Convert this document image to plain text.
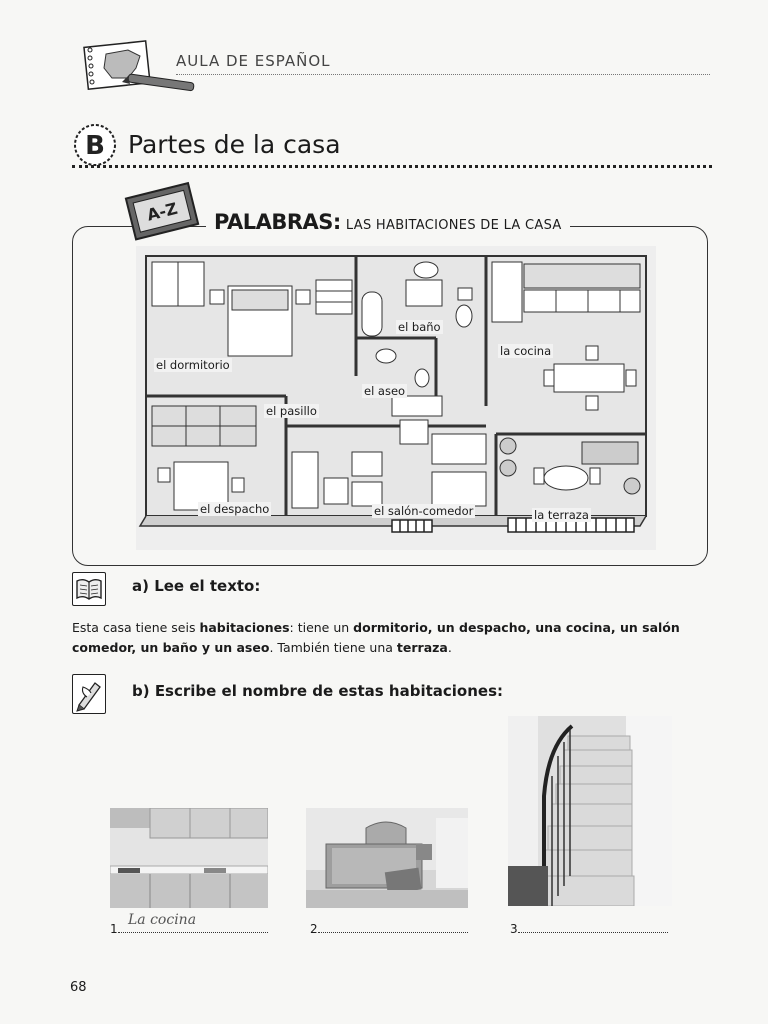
AULA DE ESPAÑOL
B Partes de la casa
A-Z	PALABRAS: LAS HABITACIONES DE LA CASA
el dormitorio
el baño
la cocina
el aseo
el pasillo
el despacho	el salón-comedor	la terraza
a) Lee el texto:
Esta casa tiene seis habitaciones: tiene un dormitorio, un despacho, una cocina, un salón comedor, un baño y un aseo. También tiene una terraza.
b) Escribe el nombre de estas habitaciones:
1
La cocina
2	3
68
